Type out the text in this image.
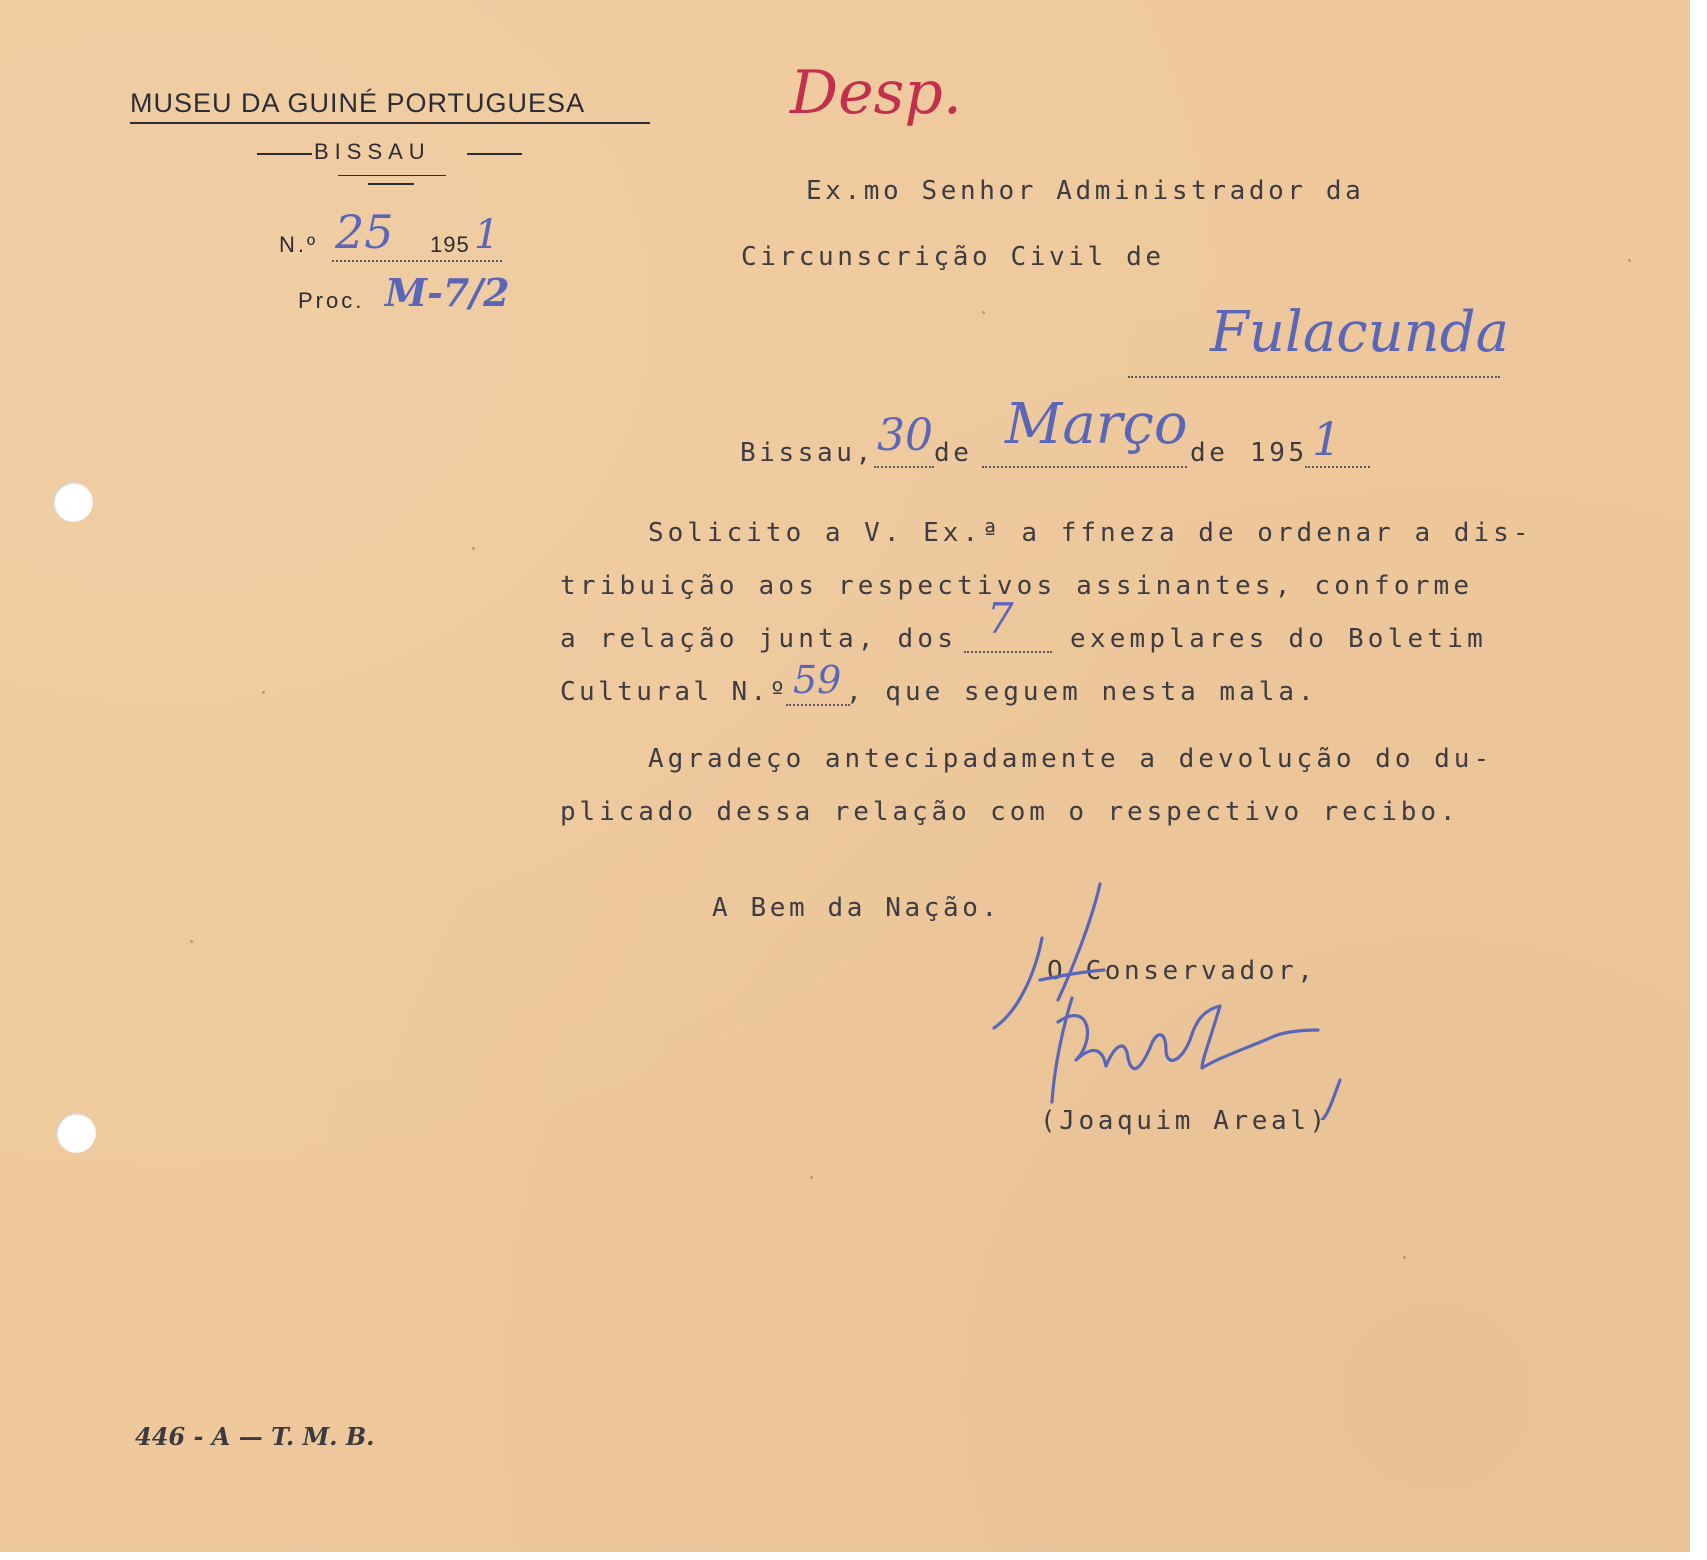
MUSEU DA GUINÉ PORTUGUESA
BISSAU
N.º 25 195 1
Proc. M-7/2
Desp.
Ex.mo Senhor Administrador da
Circunscrição Civil de
Fulacunda
Bissau, 30 de Março de 195 1
Solicito a V. Ex.ª a ffneza de ordenar a dis-
tribuição aos respectivos assinantes, conforme
a relação junta, dos 7 exemplares do Boletim
Cultural N.º 59 , que seguem nesta mala.
Agradeço antecipadamente a devolução do du-
plicado dessa relação com o respectivo recibo.
A Bem da Nação.
O Conservador,
(Joaquim Areal)
446 - A — T. M. B.
